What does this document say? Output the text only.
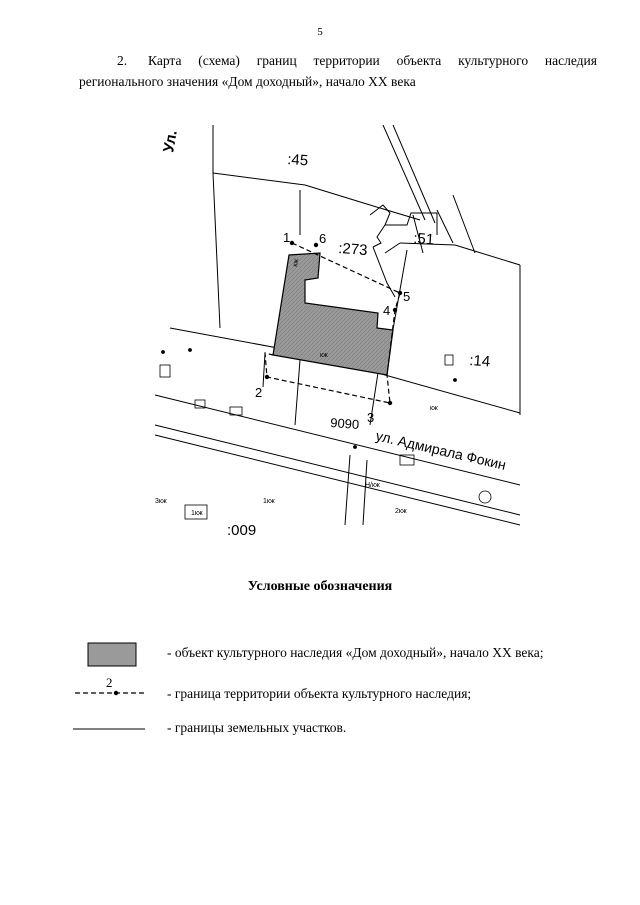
5
2. Карта (схема) границ территории объекта культурного наследия регионального значения «Дом доходный», начало XX века
Ул.
:45
:273
:51
:14
9090
ул. Адмирала Фокин
1
2
3
4
5
6
3кж
1кж	2кж
1кж
Н/кж
кж
кж
кж
:009
Условные обозначения
- объект культурного наследия «Дом доходный», начало XX века;
2
- граница территории объекта культурного наследия;
- границы земельных участков.
